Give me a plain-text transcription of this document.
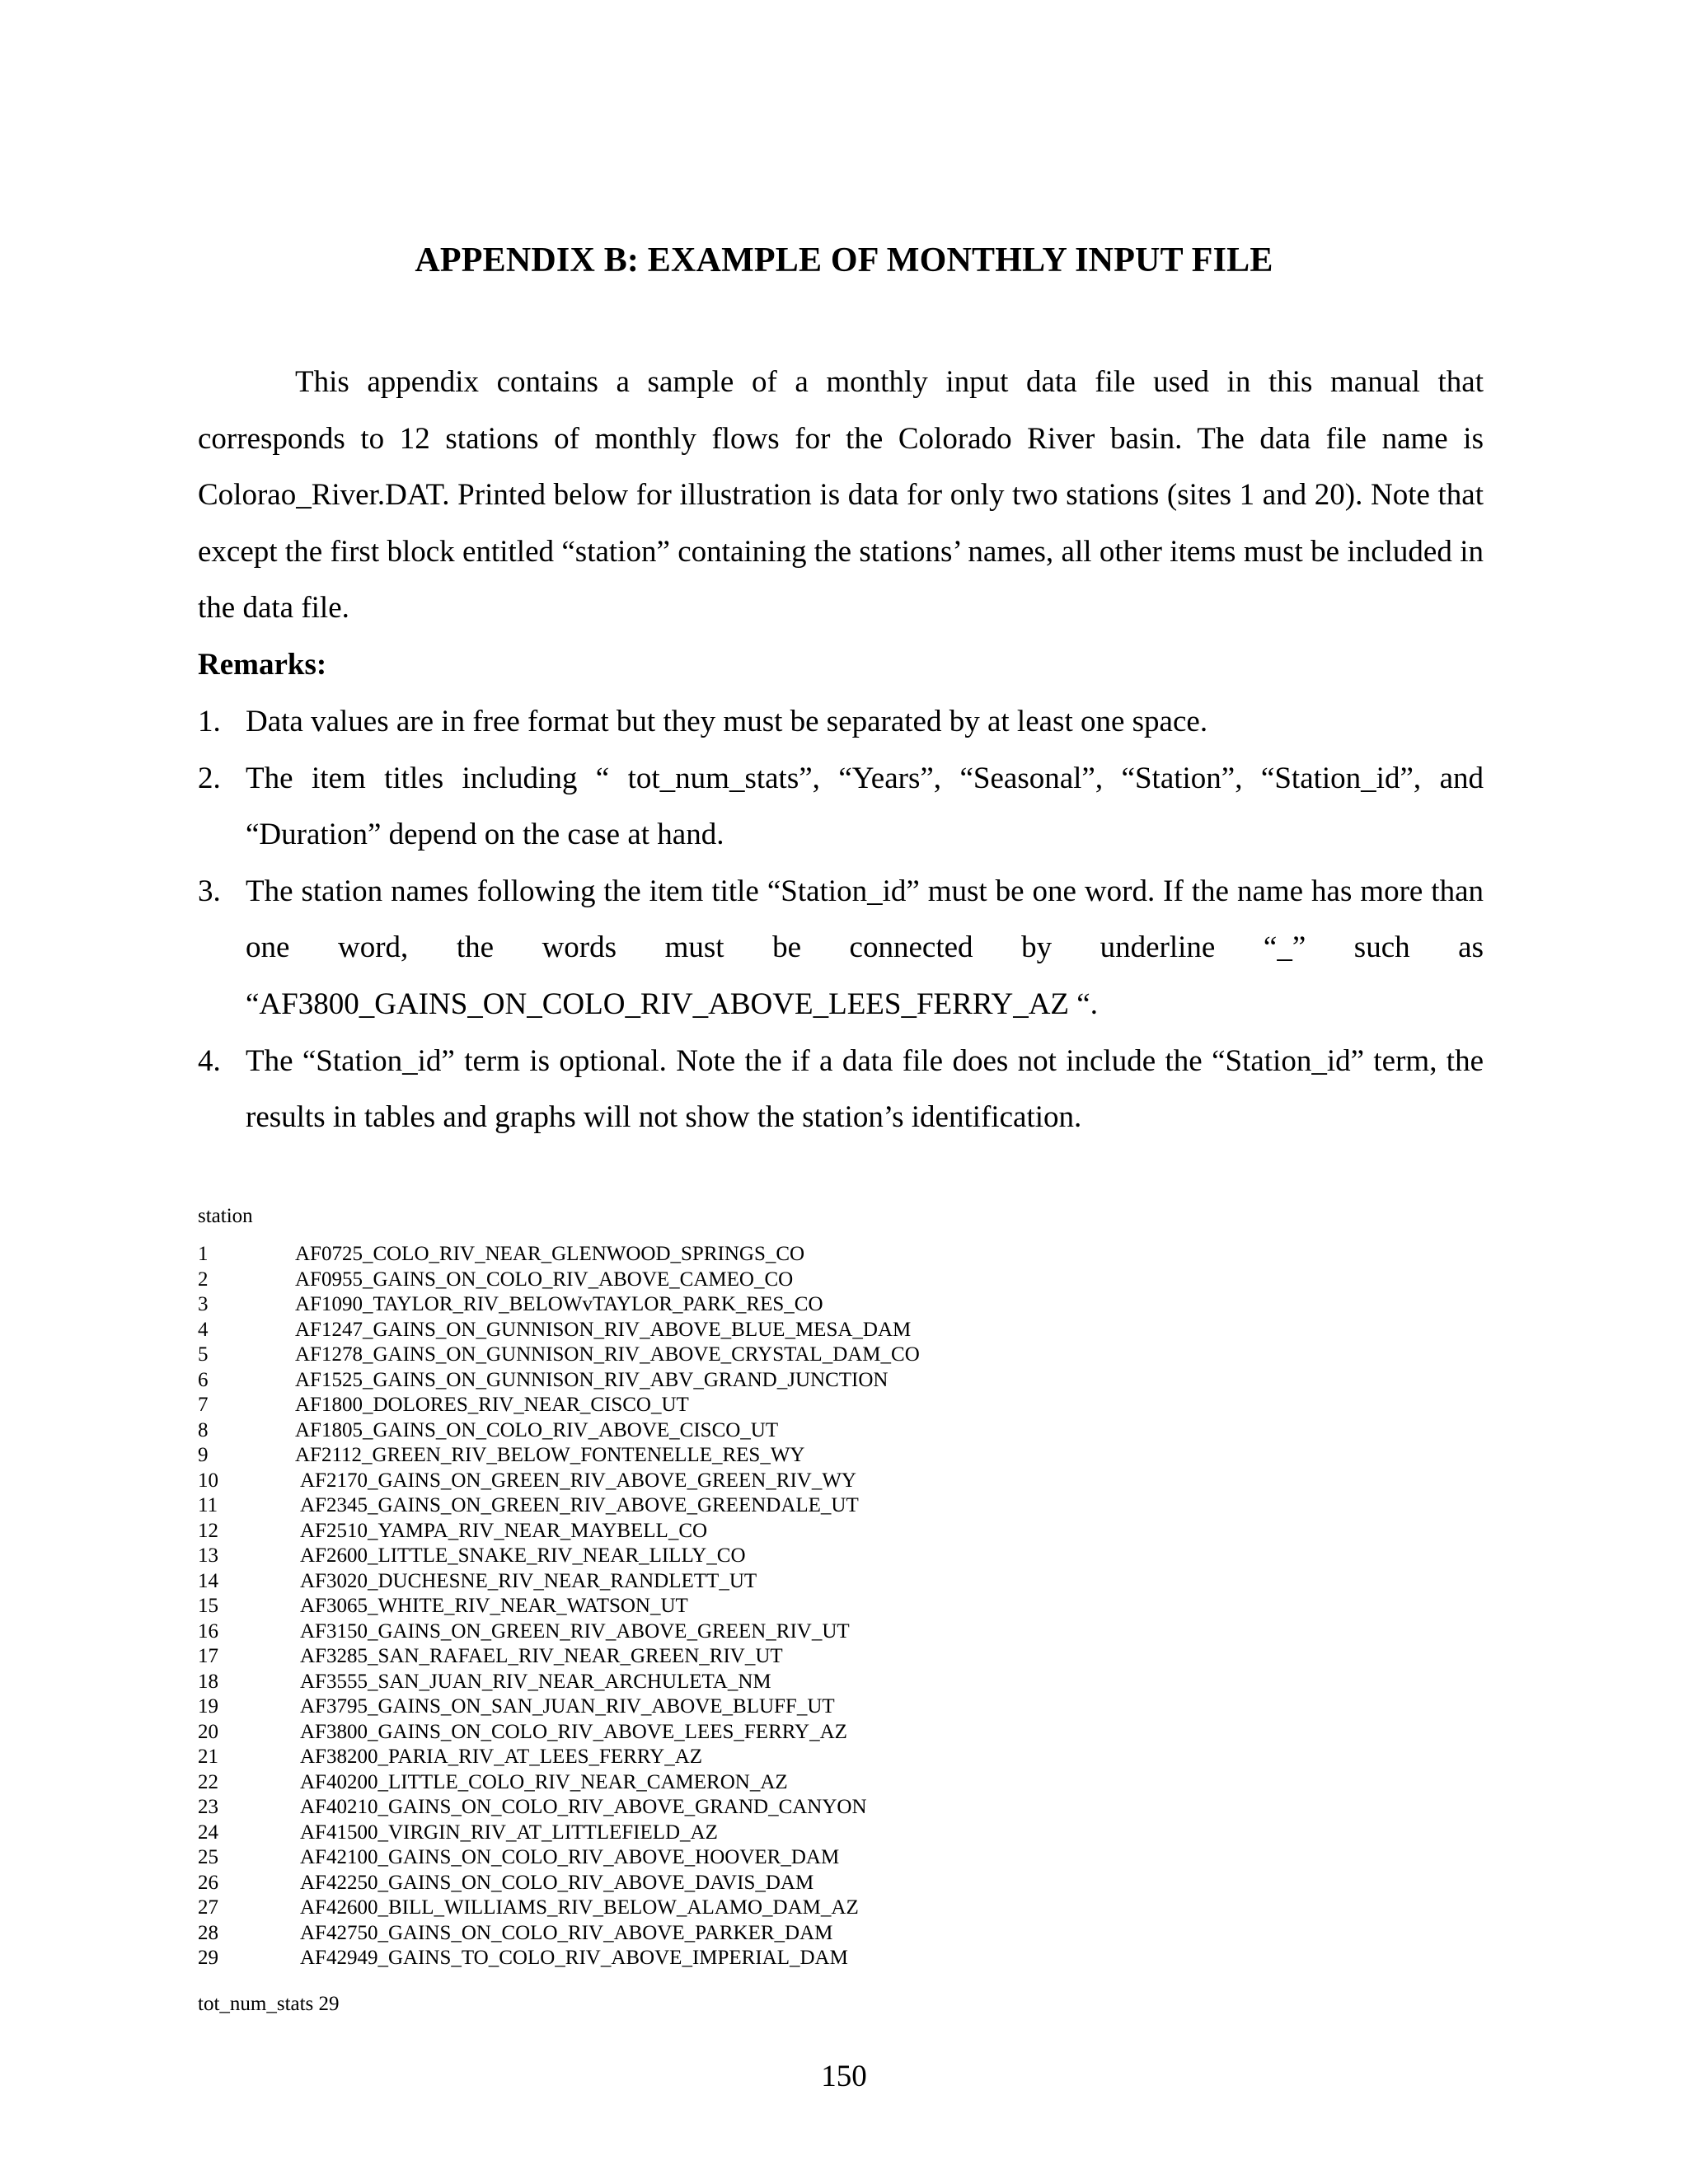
APPENDIX B: EXAMPLE OF MONTHLY INPUT FILE

This appendix contains a sample of a monthly input data file used in this manual that corresponds to 12 stations of monthly flows for the Colorado River basin. The data file name is Colorao_River.DAT. Printed below for illustration is data for only two stations (sites 1 and 20). Note that except the first block entitled “station” containing the stations’ names, all other items must be included in the data file.

Remarks:
1. Data values are in free format but they must be separated by at least one space.
2. The item titles including “ tot_num_stats”, “Years”, “Seasonal”, “Station”, “Station_id”, and “Duration” depend on the case at hand.
3. The station names following the item title “Station_id” must be one word. If the name has more than one word, the words must be connected by underline “_” such as “AF3800_GAINS_ON_COLO_RIV_ABOVE_LEES_FERRY_AZ “.
4. The “Station_id” term is optional. Note the if a data file does not include the “Station_id” term, the results in tables and graphs will not show the station’s identification.
station
1	AF0725_COLO_RIV_NEAR_GLENWOOD_SPRINGS_CO
2	AF0955_GAINS_ON_COLO_RIV_ABOVE_CAMEO_CO
3	AF1090_TAYLOR_RIV_BELOWvTAYLOR_PARK_RES_CO
4	AF1247_GAINS_ON_GUNNISON_RIV_ABOVE_BLUE_MESA_DAM
5	AF1278_GAINS_ON_GUNNISON_RIV_ABOVE_CRYSTAL_DAM_CO
6	AF1525_GAINS_ON_GUNNISON_RIV_ABV_GRAND_JUNCTION
7	AF1800_DOLORES_RIV_NEAR_CISCO_UT
8	AF1805_GAINS_ON_COLO_RIV_ABOVE_CISCO_UT
9	AF2112_GREEN_RIV_BELOW_FONTENELLE_RES_WY
10	AF2170_GAINS_ON_GREEN_RIV_ABOVE_GREEN_RIV_WY
11	AF2345_GAINS_ON_GREEN_RIV_ABOVE_GREENDALE_UT
12	AF2510_YAMPA_RIV_NEAR_MAYBELL_CO
13	AF2600_LITTLE_SNAKE_RIV_NEAR_LILLY_CO
14	AF3020_DUCHESNE_RIV_NEAR_RANDLETT_UT
15	AF3065_WHITE_RIV_NEAR_WATSON_UT
16	AF3150_GAINS_ON_GREEN_RIV_ABOVE_GREEN_RIV_UT
17	AF3285_SAN_RAFAEL_RIV_NEAR_GREEN_RIV_UT
18	AF3555_SAN_JUAN_RIV_NEAR_ARCHULETA_NM
19	AF3795_GAINS_ON_SAN_JUAN_RIV_ABOVE_BLUFF_UT
20	AF3800_GAINS_ON_COLO_RIV_ABOVE_LEES_FERRY_AZ
21	AF38200_PARIA_RIV_AT_LEES_FERRY_AZ
22	AF40200_LITTLE_COLO_RIV_NEAR_CAMERON_AZ
23	AF40210_GAINS_ON_COLO_RIV_ABOVE_GRAND_CANYON
24	AF41500_VIRGIN_RIV_AT_LITTLEFIELD_AZ
25	AF42100_GAINS_ON_COLO_RIV_ABOVE_HOOVER_DAM
26	AF42250_GAINS_ON_COLO_RIV_ABOVE_DAVIS_DAM
27	AF42600_BILL_WILLIAMS_RIV_BELOW_ALAMO_DAM_AZ
28	AF42750_GAINS_ON_COLO_RIV_ABOVE_PARKER_DAM
29	AF42949_GAINS_TO_COLO_RIV_ABOVE_IMPERIAL_DAM
tot_num_stats 29
150
